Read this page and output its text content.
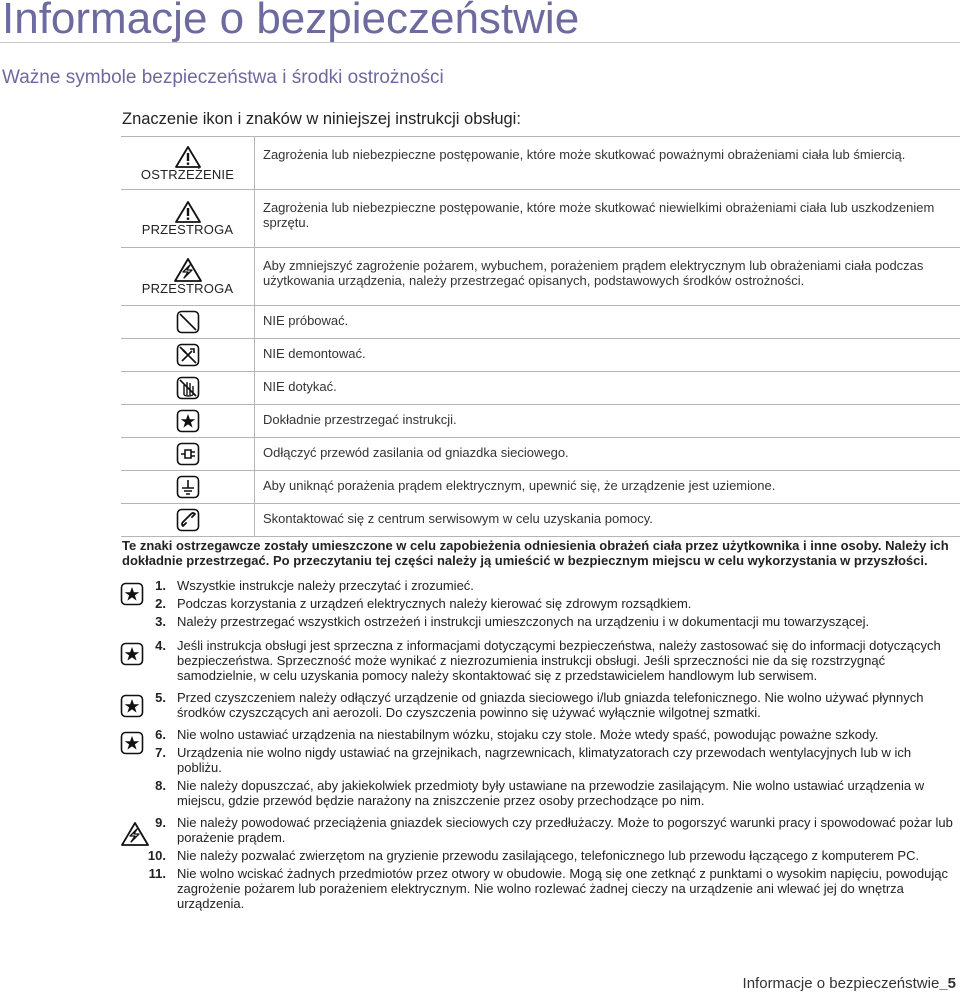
Informacje o bezpieczeństwie
Ważne symbole bezpieczeństwa i środki ostrożności
Znaczenie ikon i znaków w niniejszej instrukcji obsługi:
OSTRZEŻENIE
Zagrożenia lub niebezpieczne postępowanie, które może skutkować poważnymi obrażeniami ciała lub śmiercią.
PRZESTROGA
Zagrożenia lub niebezpieczne postępowanie, które może skutkować niewielkimi obrażeniami ciała lub uszkodzeniem sprzętu.
PRZESTROGA
Aby zmniejszyć zagrożenie pożarem, wybuchem, porażeniem prądem elektrycznym lub obrażeniami ciała podczas użytkowania urządzenia, należy przestrzegać opisanych, podstawowych środków ostrożności.
NIE próbować.
NIE demontować.
NIE dotykać.
Dokładnie przestrzegać instrukcji.
Odłączyć przewód zasilania od gniazdka sieciowego.
Aby uniknąć porażenia prądem elektrycznym, upewnić się, że urządzenie jest uziemione.
Skontaktować się z centrum serwisowym w celu uzyskania pomocy.
Te znaki ostrzegawcze zostały umieszczone w celu zapobieżenia odniesienia obrażeń ciała przez użytkownika i inne osoby. Należy ich dokładnie przestrzegać. Po przeczytaniu tej części należy ją umieścić w bezpiecznym miejscu w celu wykorzystania w przyszłości.
1. Wszystkie instrukcje należy przeczytać i zrozumieć.
2. Podczas korzystania z urządzeń elektrycznych należy kierować się zdrowym rozsądkiem.
3. Należy przestrzegać wszystkich ostrzeżeń i instrukcji umieszczonych na urządzeniu i w dokumentacji mu towarzyszącej.
4. Jeśli instrukcja obsługi jest sprzeczna z informacjami dotyczącymi bezpieczeństwa, należy zastosować się do informacji dotyczących bezpieczeństwa. Sprzeczność może wynikać z niezrozumienia instrukcji obsługi. Jeśli sprzeczności nie da się rozstrzygnąć samodzielnie, w celu uzyskania pomocy należy skontaktować się z przedstawicielem handlowym lub serwisem.
5. Przed czyszczeniem należy odłączyć urządzenie od gniazda sieciowego i/lub gniazda telefonicznego. Nie wolno używać płynnych środków czyszczących ani aerozoli. Do czyszczenia powinno się używać wyłącznie wilgotnej szmatki.
6. Nie wolno ustawiać urządzenia na niestabilnym wózku, stojaku czy stole. Może wtedy spaść, powodując poważne szkody.
7. Urządzenia nie wolno nigdy ustawiać na grzejnikach, nagrzewnicach, klimatyzatorach czy przewodach wentylacyjnych lub w ich pobliżu.
8. Nie należy dopuszczać, aby jakiekolwiek przedmioty były ustawiane na przewodzie zasilającym. Nie wolno ustawiać urządzenia w miejscu, gdzie przewód będzie narażony na zniszczenie przez osoby przechodzące po nim.
9. Nie należy powodować przeciążenia gniazdek sieciowych czy przedłużaczy. Może to pogorszyć warunki pracy i spowodować pożar lub porażenie prądem.
10. Nie należy pozwalać zwierzętom na gryzienie przewodu zasilającego, telefonicznego lub przewodu łączącego z komputerem PC.
11. Nie wolno wciskać żadnych przedmiotów przez otwory w obudowie. Mogą się one zetknąć z punktami o wysokim napięciu, powodując zagrożenie pożarem lub porażeniem elektrycznym. Nie wolno rozlewać żadnej cieczy na urządzenie ani wlewać jej do wnętrza urządzenia.
Informacje o bezpieczeństwie_5
